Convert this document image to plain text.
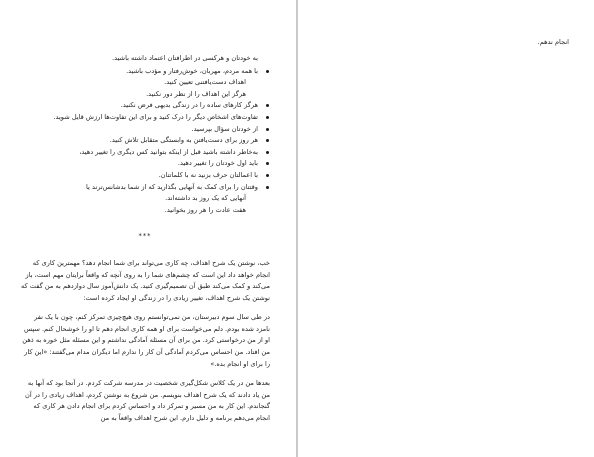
به خودتان و هرکسی در اطرافتان اعتماد داشته باشید.

با همه مردم، مهربان، خوش‌رفتار و مؤدب باشید.
اهداف دست‌یافتنی تعیین کنید.
هرگز این اهداف را از نظر دور نکنید.
هرگز کارهای ساده را در زندگی بدیهی فرض نکنید.
تفاوت‌های اشخاص دیگر را درک کنید و برای این تفاوت‌ها ارزش قایل شوید.
از خودتان سؤال بپرسید.
هر روز برای دست‌یافتن به وابستگی متقابل تلاش کنید.
به‌خاطر داشته باشید قبل از اینکه بتوانید کس دیگری را تغییر دهید،
باید اول خودتان را تغییر دهید.
با اعمالتان حرف بزنید نه با کلماتتان.
وقتتان را برای کمک به آنهایی بگذارید که از شما بدشانس‌ترند یا
آنهایی که یک روز بد داشته‌اند.
هفت عادت را هر روز بخوانید.
***

خب، نوشتن یک شرح اهداف، چه کاری می‌تواند برای شما انجام دهد؟ مهمترین کاری که انجام خواهد داد این است که چشم‌های شما را به روی آنچه که واقعاً برایتان مهم است، باز می‌کند و کمک می‌کند طبق آن تصمیم‌گیری کنید. یک دانش‌آموز سال دوازدهم به من گفت که نوشتن یک شرح اهداف، تغییر زیادی را در زندگی او ایجاد کرده است:

در طی سال سوم دبیرستان، من نمی‌توانستم روی هیچ‌چیزی تمرکز کنم، چون با یک نفر نامزد شده بودم. دلم می‌خواست برای او همه کاری انجام دهم تا او را خوشحال کنم. سپس او از من درخواستی کرد. من برای آن مسئله آمادگی نداشتم و این مسئله مثل خوره به ذهن من افتاد. من احساس می‌کردم آمادگی آن کار را ندارم اما دیگران مدام می‌گفتند: «این کار را برای او انجام بده.»

بعدها من در یک کلاس شکل‌گیری شخصیت در مدرسه شرکت کردم. در آنجا بود که آنها به من یاد دادند که یک شرح اهداف بنویسم. من شروع به نوشتن کردم، اهداف زیادی را در آن گنجاندم. این کار به من مسیر و تمرکز داد و احساس کردم برای انجام دادن هر کاری که انجام می‌دهم برنامه و دلیل دارم. این شرح اهداف واقعاً به من

انجام ندهم.
